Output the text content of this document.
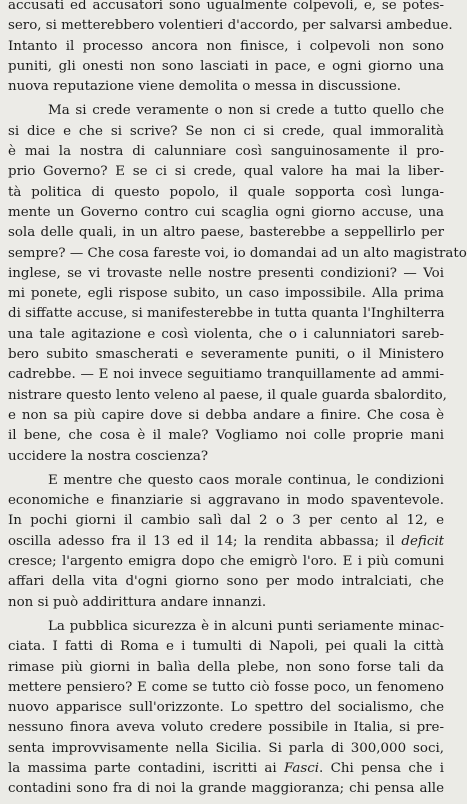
accusati ed accusatori sono ugualmente colpevoli, e, se potes-
sero, si metterebbero volentieri d'accordo, per salvarsi ambedue.
Intanto il processo ancora non finisce, i colpevoli non sono
puniti, gli onesti non sono lasciati in pace, e ogni giorno una
nuova reputazione viene demolita o messa in discussione.
Ma si crede veramente o non si crede a tutto quello che
si dice e che si scrive? Se non ci si crede, qual immoralità
è mai la nostra di calunniare così sanguinosamente il pro-
prio Governo? E se ci si crede, qual valore ha mai la liber-
tà politica di questo popolo, il quale sopporta così lunga-
mente un Governo contro cui scaglia ogni giorno accuse, una
sola delle quali, in un altro paese, basterebbe a seppellirlo per
sempre? — Che cosa fareste voi, io domandai ad un alto magistrato
inglese, se vi trovaste nelle nostre presenti condizioni? — Voi
mi ponete, egli rispose subito, un caso impossibile. Alla prima
di siffatte accuse, si manifesterebbe in tutta quanta l'Inghilterra
una tale agitazione e così violenta, che o i calunniatori sareb-
bero subito smascherati e severamente puniti, o il Ministero
cadrebbe. — E noi invece seguitiamo tranquillamente ad ammi-
nistrare questo lento veleno al paese, il quale guarda sbalordito,
e non sa più capire dove si debba andare a finire. Che cosa è
il bene, che cosa è il male? Vogliamo noi colle proprie mani
uccidere la nostra coscienza?
E mentre che questo caos morale continua, le condizioni
economiche e finanziarie si aggravano in modo spaventevole.
In pochi giorni il cambio salì dal 2 o 3 per cento al 12, e
oscilla adesso fra il 13 ed il 14; la rendita abbassa; il deficit
cresce; l'argento emigra dopo che emigrò l'oro. E i più comuni
affari della vita d'ogni giorno sono per modo intralciati, che
non si può addirittura andare innanzi.
La pubblica sicurezza è in alcuni punti seriamente minac-
ciata. I fatti di Roma e i tumulti di Napoli, pei quali la città
rimase più giorni in balìa della plebe, non sono forse tali da
mettere pensiero? E come se tutto ciò fosse poco, un fenomeno
nuovo apparisce sull'orizzonte. Lo spettro del socialismo, che
nessuno finora aveva voluto credere possibile in Italia, si pre-
senta improvvisamente nella Sicilia. Si parla di 300,000 soci,
la massima parte contadini, iscritti ai Fasci. Chi pensa che i
contadini sono fra di noi la grande maggioranza; chi pensa alle
